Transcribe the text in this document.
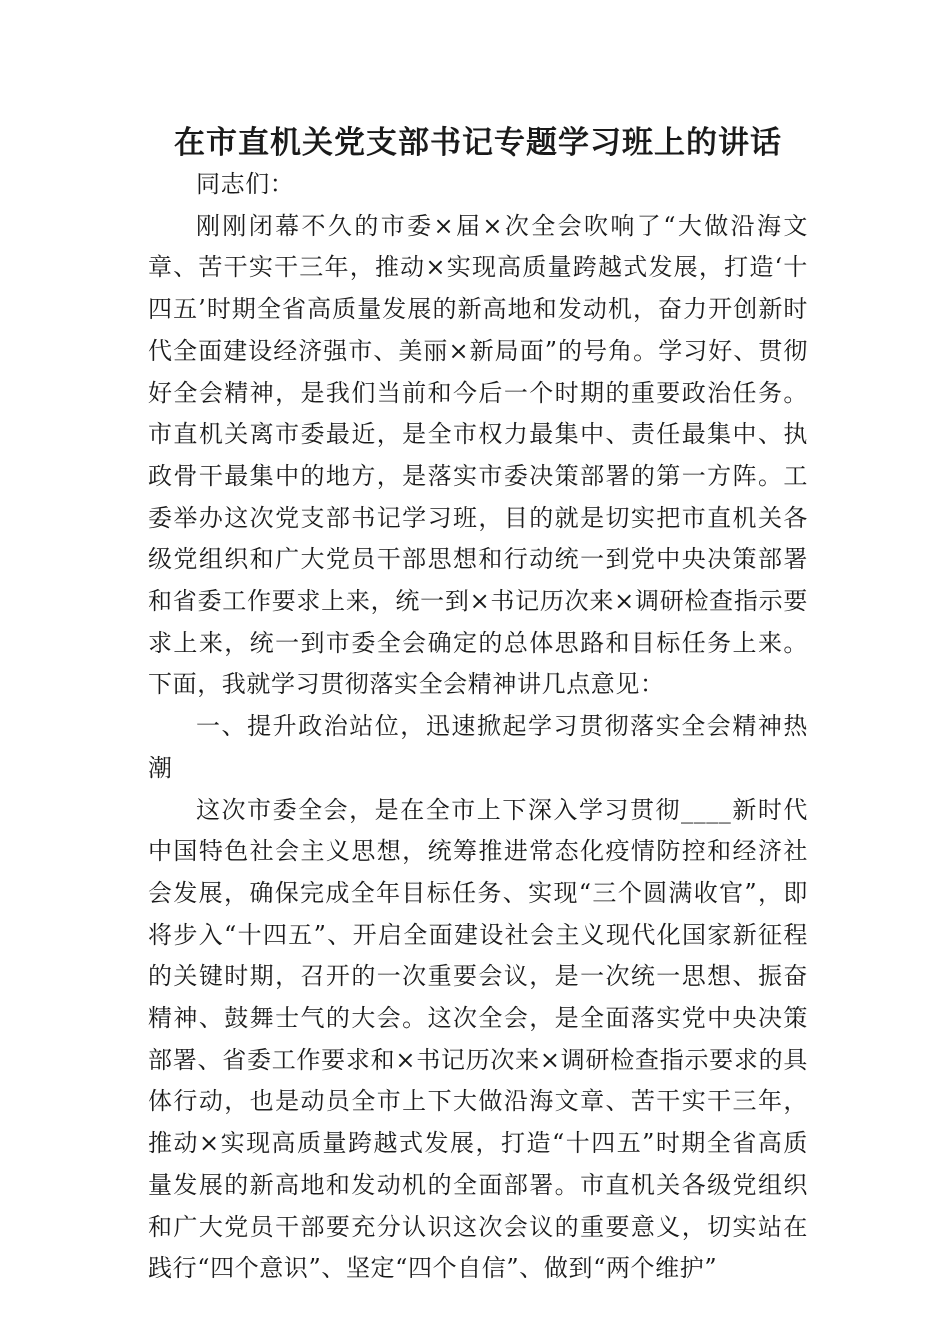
在市直机关党支部书记专题学习班上的讲话

同志们：

刚刚闭幕不久的市委×届×次全会吹响了“大做沿海文章、苦干实干三年，推动×实现高质量跨越式发展，打造‘十四五’时期全省高质量发展的新高地和发动机，奋力开创新时代全面建设经济强市、美丽×新局面”的号角。学习好、贯彻好全会精神，是我们当前和今后一个时期的重要政治任务。市直机关离市委最近，是全市权力最集中、责任最集中、执政骨干最集中的地方，是落实市委决策部署的第一方阵。工委举办这次党支部书记学习班，目的就是切实把市直机关各级党组织和广大党员干部思想和行动统一到党中央决策部署和省委工作要求上来，统一到×书记历次来×调研检查指示要求上来，统一到市委全会确定的总体思路和目标任务上来。下面，我就学习贯彻落实全会精神讲几点意见：

一、提升政治站位，迅速掀起学习贯彻落实全会精神热潮

这次市委全会，是在全市上下深入学习贯彻____新时代中国特色社会主义思想，统筹推进常态化疫情防控和经济社会发展，确保完成全年目标任务、实现“三个圆满收官”，即将步入“十四五”、开启全面建设社会主义现代化国家新征程的关键时期，召开的一次重要会议，是一次统一思想、振奋精神、鼓舞士气的大会。这次全会，是全面落实党中央决策部署、省委工作要求和×书记历次来×调研检查指示要求的具体行动，也是动员全市上下大做沿海文章、苦干实干三年，推动×实现高质量跨越式发展，打造“十四五”时期全省高质量发展的新高地和发动机的全面部署。市直机关各级党组织和广大党员干部要充分认识这次会议的重要意义，切实站在践行“四个意识”、坚定“四个自信”、做到“两个维护”
